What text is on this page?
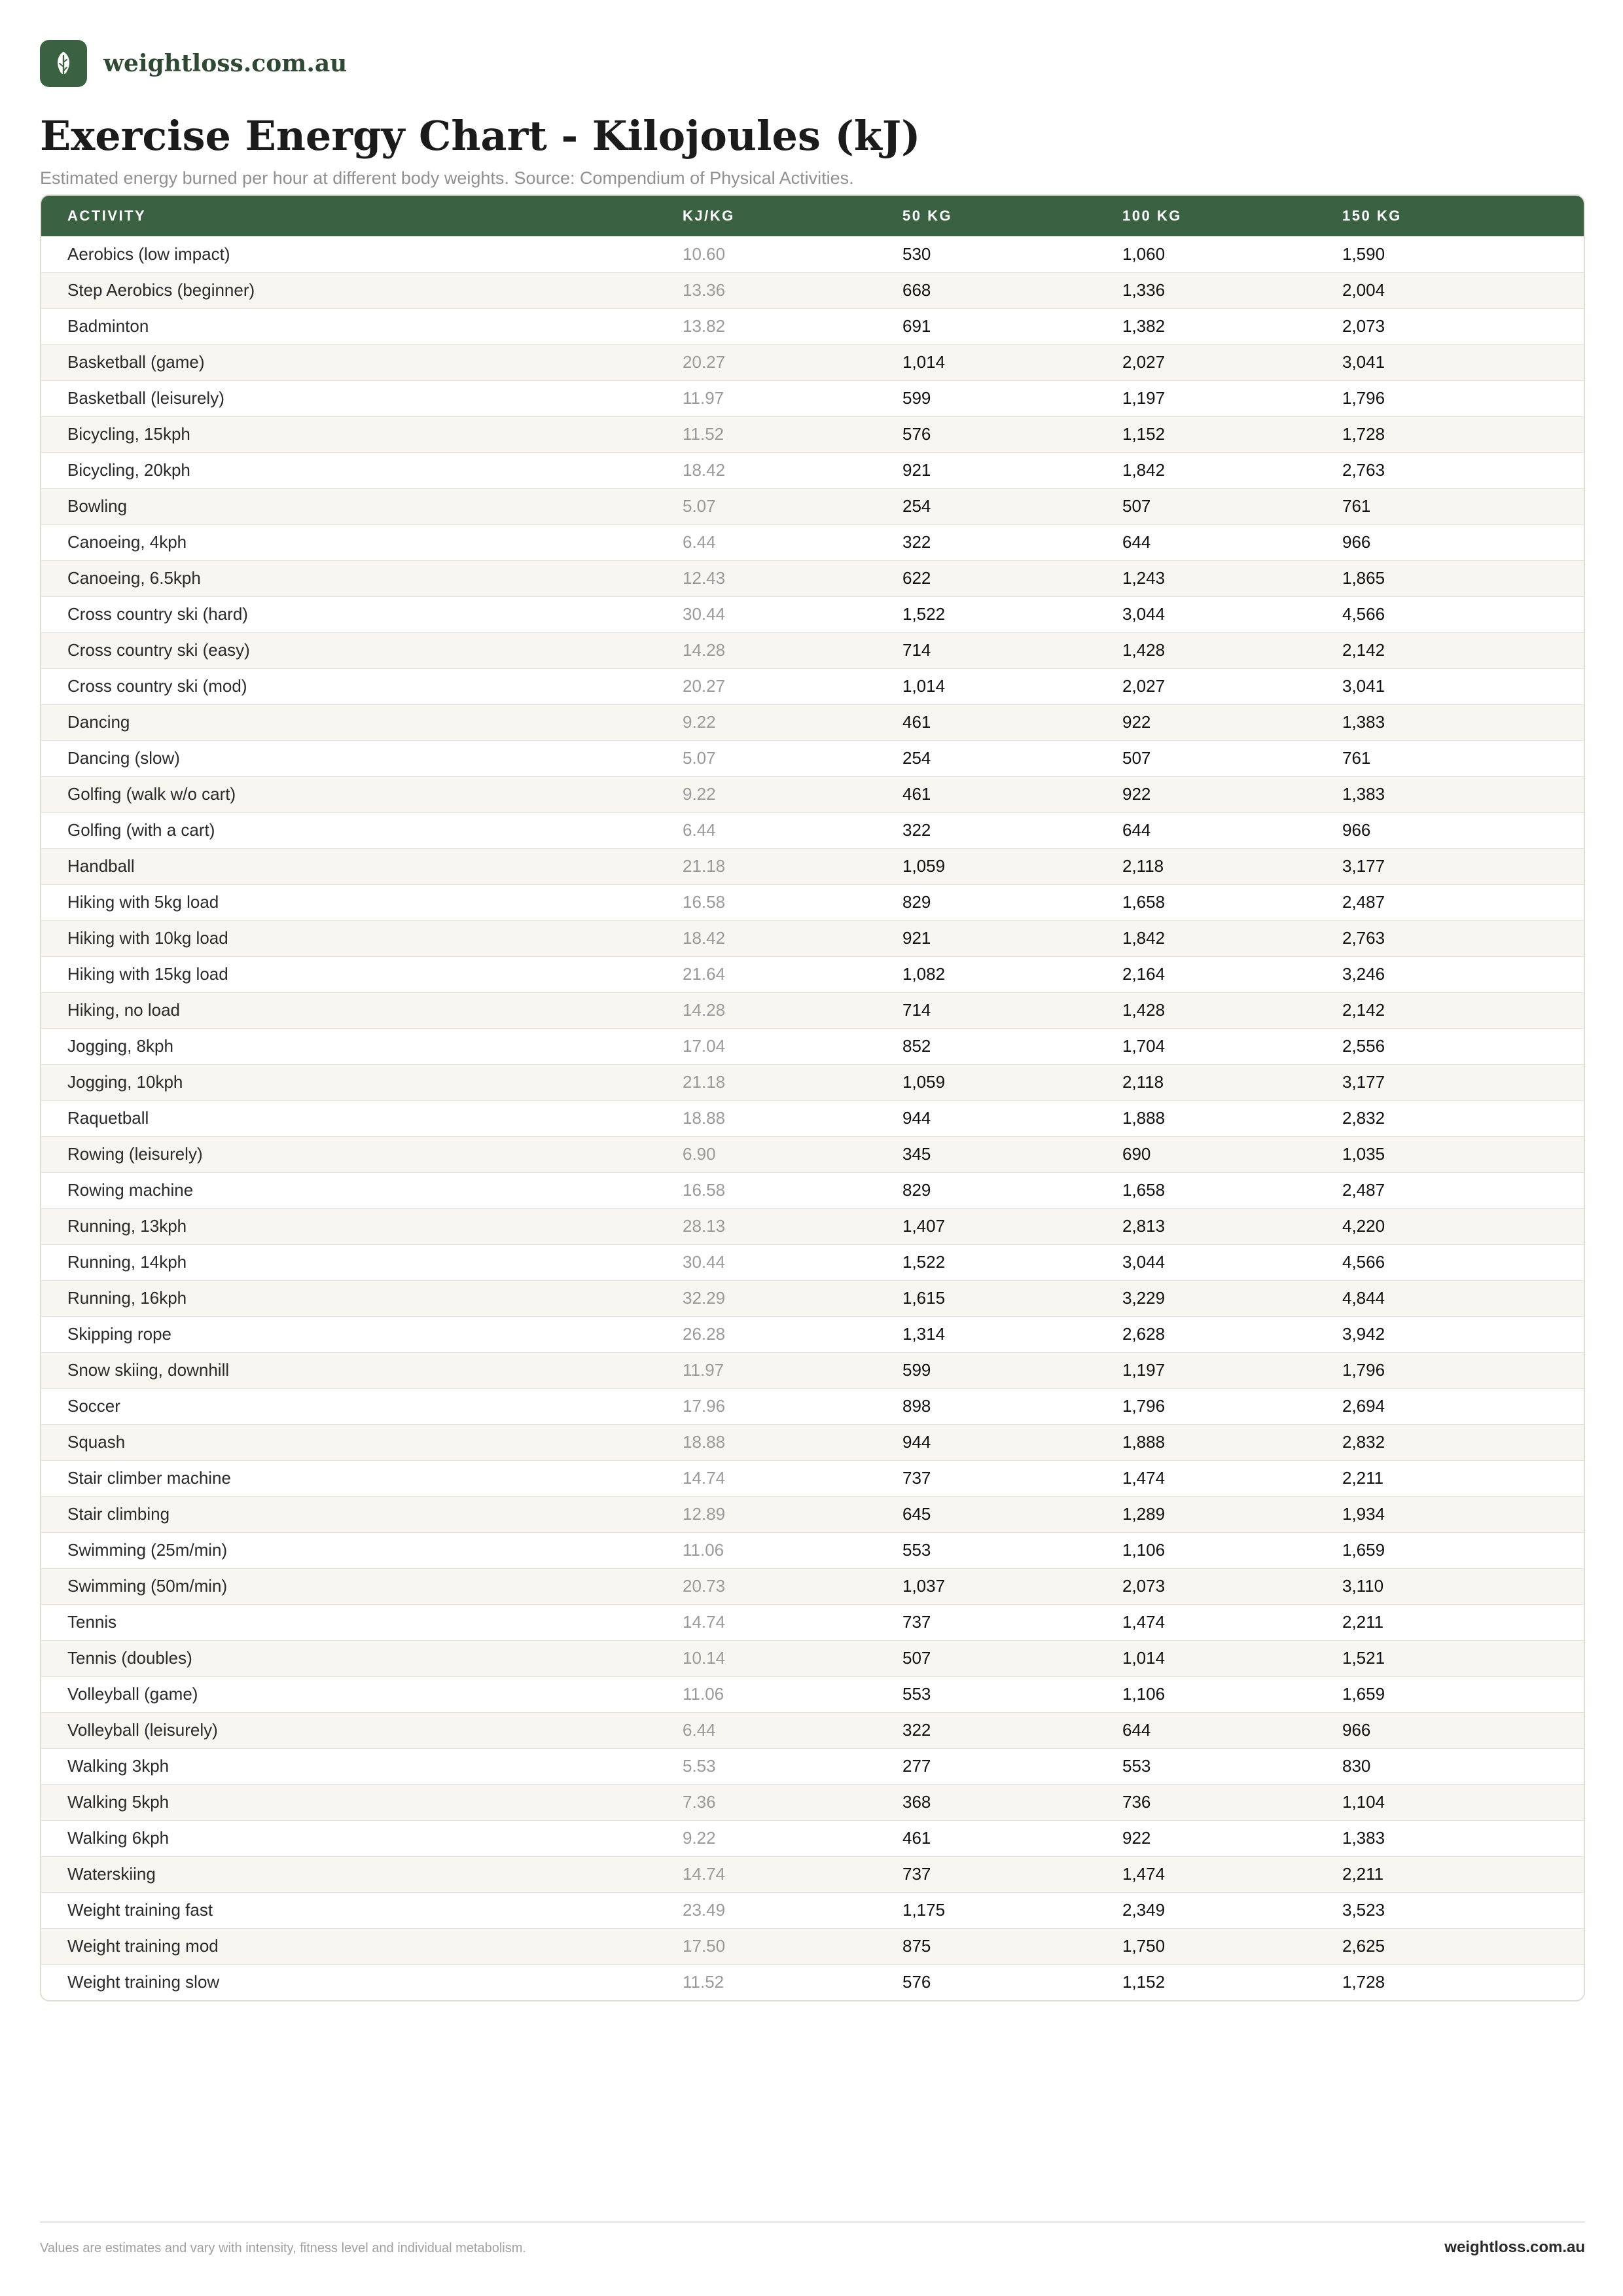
weightloss.com.au
Exercise Energy Chart - Kilojoules (kJ)
Estimated energy burned per hour at different body weights. Source: Compendium of Physical Activities.
ACTIVITY	KJ/KG	50 KG	100 KG	150 KG
Aerobics (low impact)	10.60	530	1,060	1,590
Step Aerobics (beginner)	13.36	668	1,336	2,004
Badminton	13.82	691	1,382	2,073
Basketball (game)	20.27	1,014	2,027	3,041
Basketball (leisurely)	11.97	599	1,197	1,796
Bicycling, 15kph	11.52	576	1,152	1,728
Bicycling, 20kph	18.42	921	1,842	2,763
Bowling	5.07	254	507	761
Canoeing, 4kph	6.44	322	644	966
Canoeing, 6.5kph	12.43	622	1,243	1,865
Cross country ski (hard)	30.44	1,522	3,044	4,566
Cross country ski (easy)	14.28	714	1,428	2,142
Cross country ski (mod)	20.27	1,014	2,027	3,041
Dancing	9.22	461	922	1,383
Dancing (slow)	5.07	254	507	761
Golfing (walk w/o cart)	9.22	461	922	1,383
Golfing (with a cart)	6.44	322	644	966
Handball	21.18	1,059	2,118	3,177
Hiking with 5kg load	16.58	829	1,658	2,487
Hiking with 10kg load	18.42	921	1,842	2,763
Hiking with 15kg load	21.64	1,082	2,164	3,246
Hiking, no load	14.28	714	1,428	2,142
Jogging, 8kph	17.04	852	1,704	2,556
Jogging, 10kph	21.18	1,059	2,118	3,177
Raquetball	18.88	944	1,888	2,832
Rowing (leisurely)	6.90	345	690	1,035
Rowing machine	16.58	829	1,658	2,487
Running, 13kph	28.13	1,407	2,813	4,220
Running, 14kph	30.44	1,522	3,044	4,566
Running, 16kph	32.29	1,615	3,229	4,844
Skipping rope	26.28	1,314	2,628	3,942
Snow skiing, downhill	11.97	599	1,197	1,796
Soccer	17.96	898	1,796	2,694
Squash	18.88	944	1,888	2,832
Stair climber machine	14.74	737	1,474	2,211
Stair climbing	12.89	645	1,289	1,934
Swimming (25m/min)	11.06	553	1,106	1,659
Swimming (50m/min)	20.73	1,037	2,073	3,110
Tennis	14.74	737	1,474	2,211
Tennis (doubles)	10.14	507	1,014	1,521
Volleyball (game)	11.06	553	1,106	1,659
Volleyball (leisurely)	6.44	322	644	966
Walking 3kph	5.53	277	553	830
Walking 5kph	7.36	368	736	1,104
Walking 6kph	9.22	461	922	1,383
Waterskiing	14.74	737	1,474	2,211
Weight training fast	23.49	1,175	2,349	3,523
Weight training mod	17.50	875	1,750	2,625
Weight training slow	11.52	576	1,152	1,728
Values are estimates and vary with intensity, fitness level and individual metabolism.	weightloss.com.au
